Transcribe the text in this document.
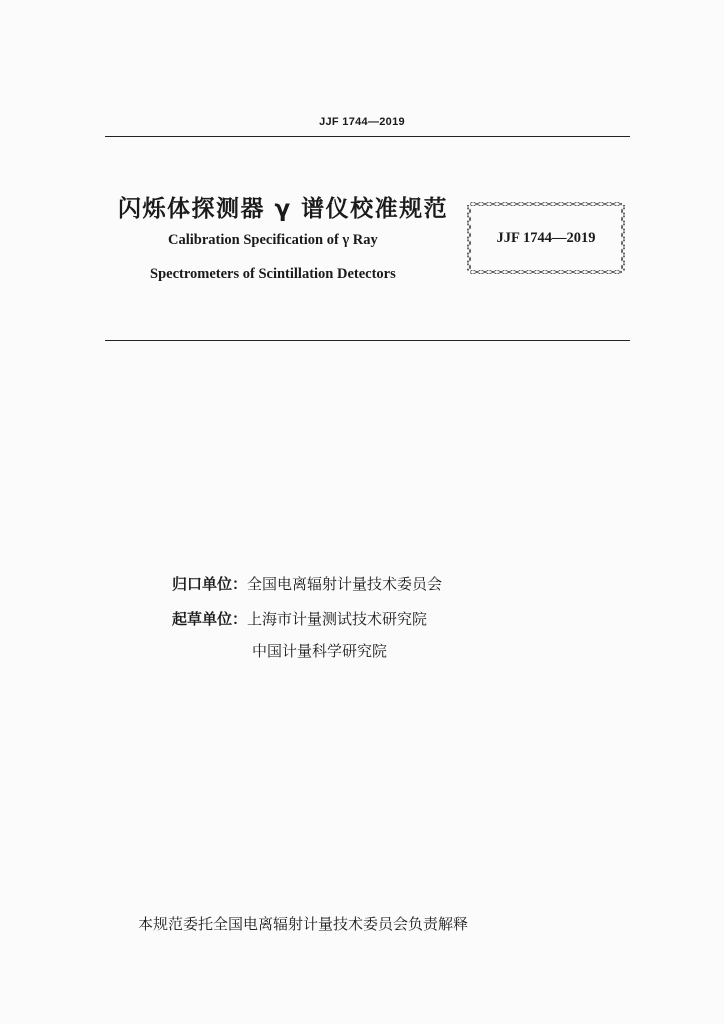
JJF 1744—2019
闪烁体探测器 γ 谱仪校准规范
Calibration Specification of γ Ray
Spectrometers of Scintillation Detectors
JJF 1744—2019
归口单位：全国电离辐射计量技术委员会
起草单位：上海市计量测试技术研究院
中国计量科学研究院
本规范委托全国电离辐射计量技术委员会负责解释
